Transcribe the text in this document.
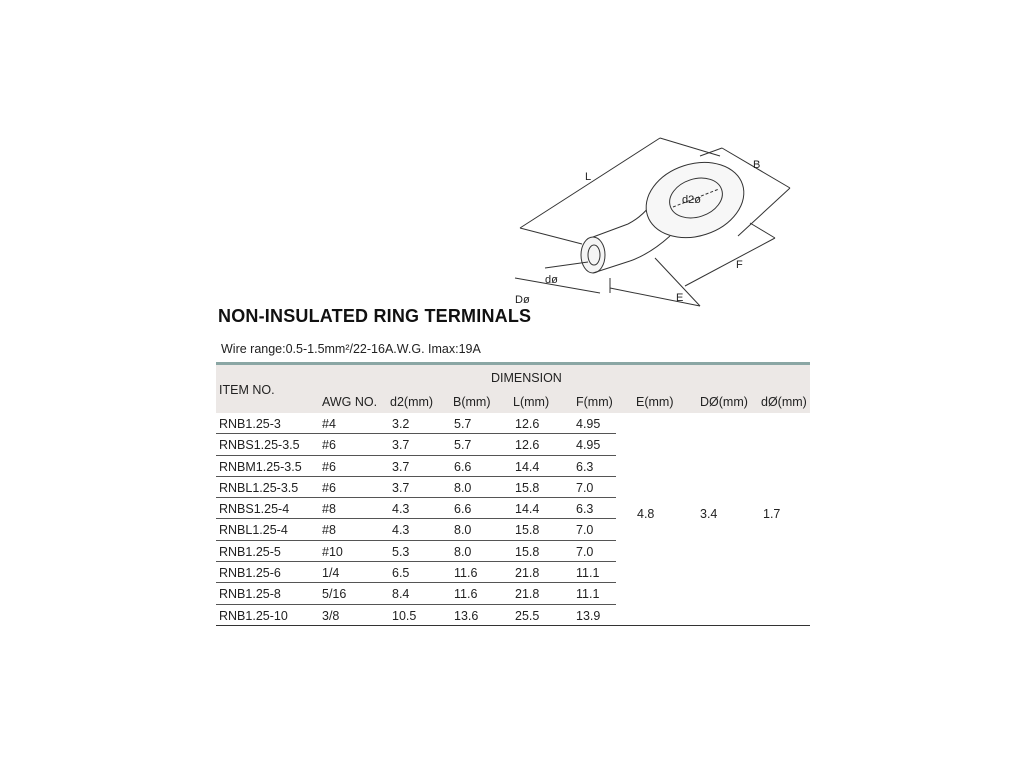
L
B
d2ø
F
E
dø
Dø
NON-INSULATED RING TERMINALS
Wire range:0.5-1.5mm²/22-16A.W.G. Imax:19A
ITEM NO.
DIMENSION
AWG NO. d2(mm) B(mm) L(mm) F(mm) E(mm) DØ(mm) dØ(mm)
RNB1.25-3	#4	3.2	5.7	12.6	4.95
RNBS1.25-3.5 #6	3.7	5.7	12.6	4.95
RNBM1.25-3.5 #6	3.7	6.6	14.4	6.3
RNBL1.25-3.5 #6	3.7	8.0	15.8	7.0
RNBS1.25-4	#8	4.3	6.6	14.4	6.3
RNBL1.25-4	#8	4.3	8.0	15.8	7.0
RNB1.25-5	#10	5.3	8.0	15.8	7.0
RNB1.25-6	1/4	6.5	11.6	21.8	11.1
RNB1.25-8	5/16	8.4	11.6	21.8	11.1
RNB1.25-10	3/8	10.5	13.6	25.5	13.9
4.8	3.4	1.7
